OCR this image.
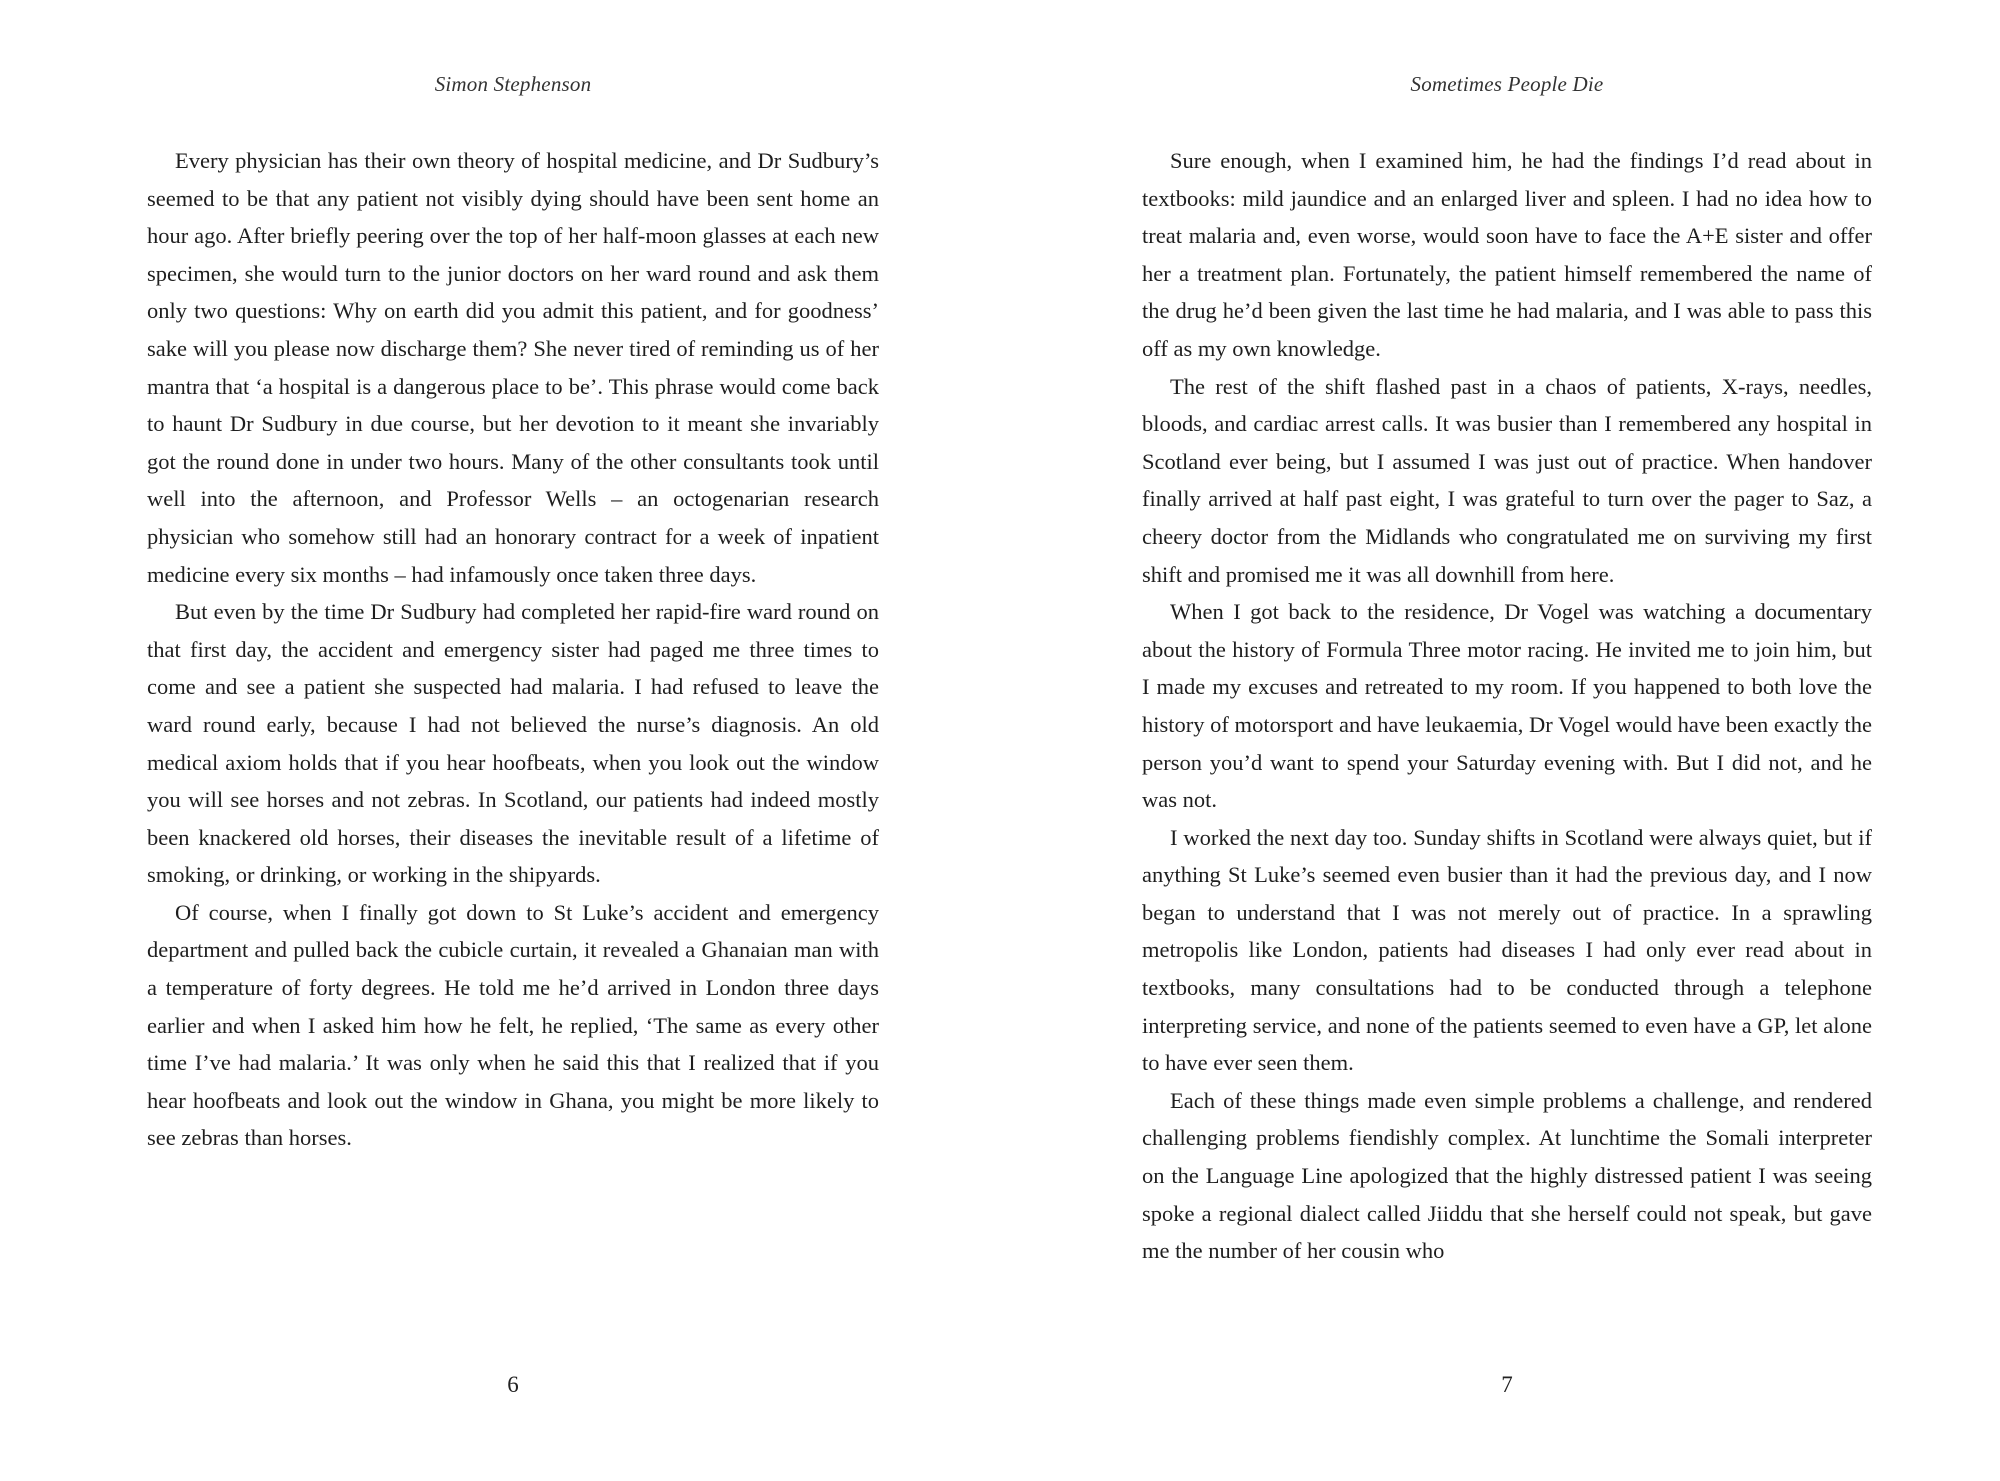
Simon Stephenson

Every physician has their own theory of hospital medicine, and Dr Sudbury’s seemed to be that any patient not visibly dying should have been sent home an hour ago. After briefly peering over the top of her half-moon glasses at each new specimen, she would turn to the junior doctors on her ward round and ask them only two questions: Why on earth did you admit this patient, and for goodness’ sake will you please now discharge them? She never tired of reminding us of her mantra that ‘a hospital is a dangerous place to be’. This phrase would come back to haunt Dr Sudbury in due course, but her devotion to it meant she invariably got the round done in under two hours. Many of the other consultants took until well into the afternoon, and Professor Wells – an octogenarian research physician who somehow still had an honorary contract for a week of inpatient medicine every six months – had infamously once taken three days.

But even by the time Dr Sudbury had completed her rapid-fire ward round on that first day, the accident and emergency sister had paged me three times to come and see a patient she suspected had malaria. I had refused to leave the ward round early, because I had not believed the nurse’s diagnosis. An old medical axiom holds that if you hear hoofbeats, when you look out the window you will see horses and not zebras. In Scotland, our patients had indeed mostly been knackered old horses, their diseases the inevitable result of a lifetime of smoking, or drinking, or working in the shipyards.

Of course, when I finally got down to St Luke’s accident and emergency department and pulled back the cubicle curtain, it revealed a Ghanaian man with a temperature of forty degrees. He told me he’d arrived in London three days earlier and when I asked him how he felt, he replied, ‘The same as every other time I’ve had malaria.’ It was only when he said this that I realized that if you hear hoofbeats and look out the window in Ghana, you might be more likely to see zebras than horses.

6
Sometimes People Die

Sure enough, when I examined him, he had the findings I’d read about in textbooks: mild jaundice and an enlarged liver and spleen. I had no idea how to treat malaria and, even worse, would soon have to face the A+E sister and offer her a treatment plan. Fortunately, the patient himself remembered the name of the drug he’d been given the last time he had malaria, and I was able to pass this off as my own knowledge.

The rest of the shift flashed past in a chaos of patients, X-rays, needles, bloods, and cardiac arrest calls. It was busier than I remembered any hospital in Scotland ever being, but I assumed I was just out of practice. When handover finally arrived at half past eight, I was grateful to turn over the pager to Saz, a cheery doctor from the Midlands who congratulated me on surviving my first shift and promised me it was all downhill from here.

When I got back to the residence, Dr Vogel was watching a documentary about the history of Formula Three motor racing. He invited me to join him, but I made my excuses and retreated to my room. If you happened to both love the history of motorsport and have leukaemia, Dr Vogel would have been exactly the person you’d want to spend your Saturday evening with. But I did not, and he was not.

I worked the next day too. Sunday shifts in Scotland were always quiet, but if anything St Luke’s seemed even busier than it had the previous day, and I now began to understand that I was not merely out of practice. In a sprawling metropolis like London, patients had diseases I had only ever read about in textbooks, many consultations had to be conducted through a telephone interpreting service, and none of the patients seemed to even have a GP, let alone to have ever seen them.

Each of these things made even simple problems a challenge, and rendered challenging problems fiendishly complex. At lunchtime the Somali interpreter on the Language Line apologized that the highly distressed patient I was seeing spoke a regional dialect called Jiiddu that she herself could not speak, but gave me the number of her cousin who

7
